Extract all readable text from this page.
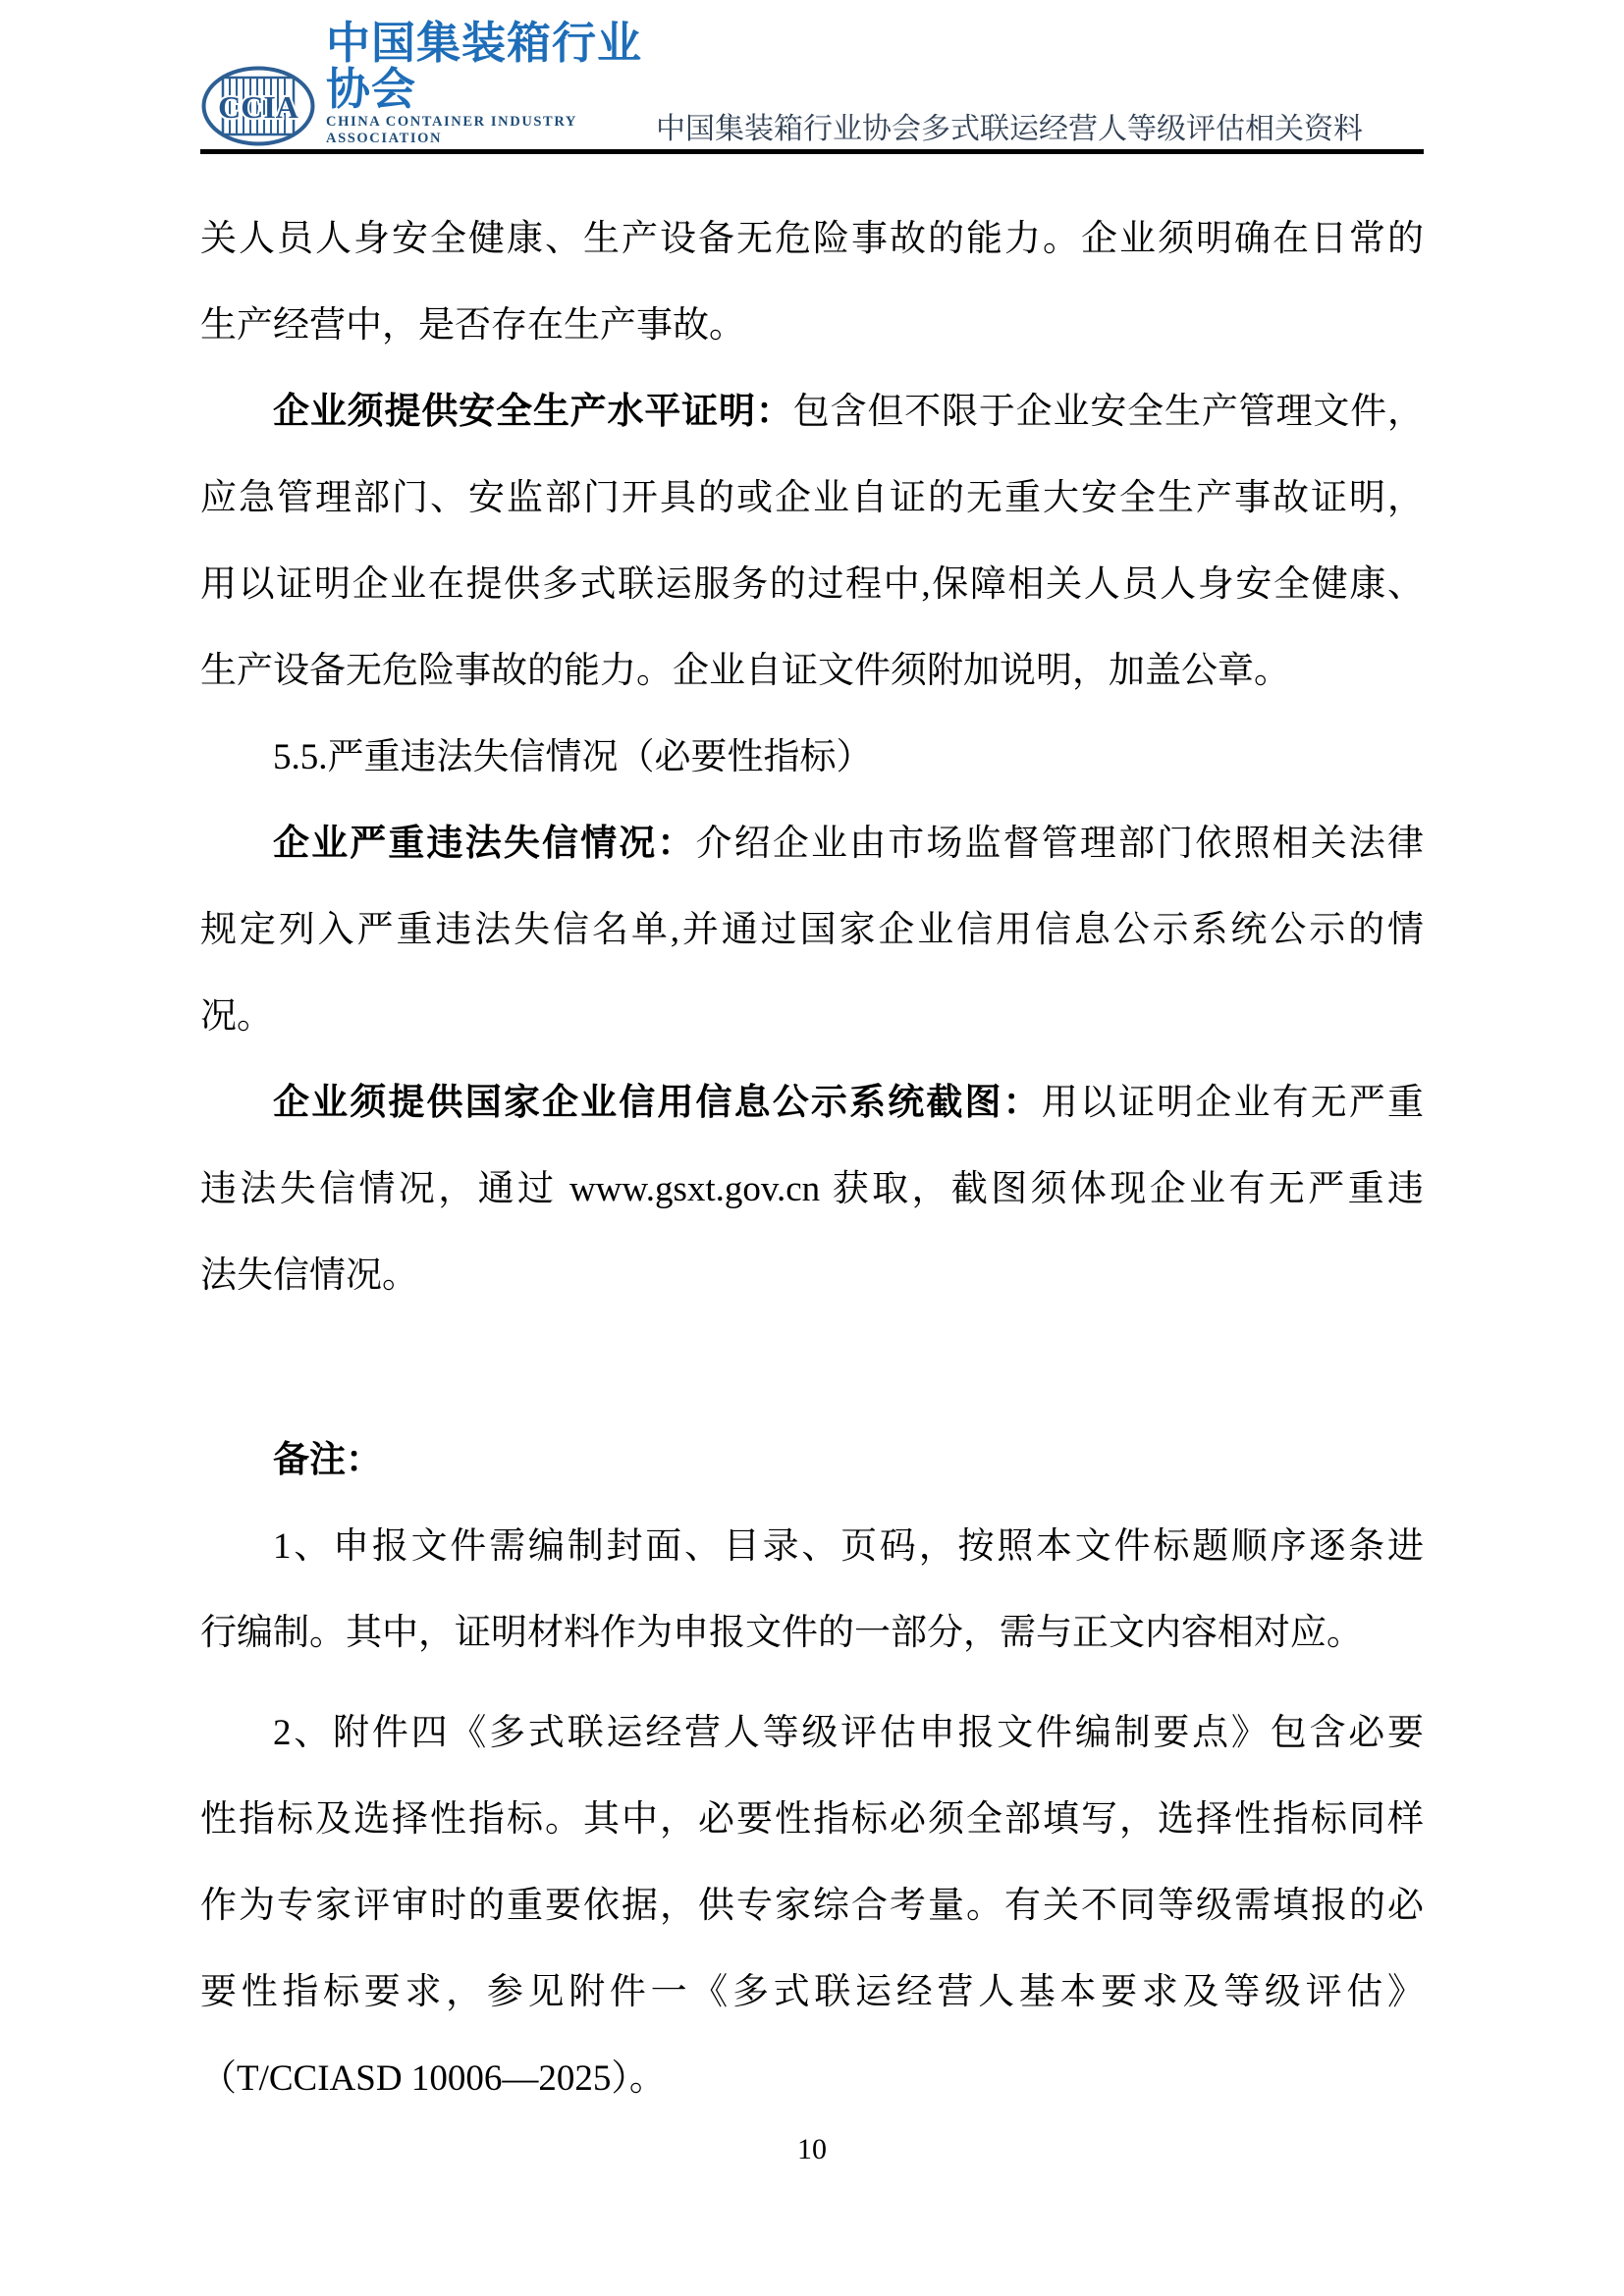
CCIA
中国集装箱行业协会
CHINA CONTAINER INDUSTRY ASSOCIATION	中国集装箱行业协会多式联运经营人等级评估相关资料
关人员人身安全健康、生产设备无危险事故的能力。企业须明确在日常的
生产经营中，是否存在生产事故。
企业须提供安全生产水平证明：包含但不限于企业安全生产管理文件，
应急管理部门、安监部门开具的或企业自证的无重大安全生产事故证明，
用以证明企业在提供多式联运服务的过程中,保障相关人员人身安全健康、
生产设备无危险事故的能力。企业自证文件须附加说明，加盖公章。
5.5.严重违法失信情况（必要性指标）
企业严重违法失信情况：介绍企业由市场监督管理部门依照相关法律
规定列入严重违法失信名单,并通过国家企业信用信息公示系统公示的情
况。
企业须提供国家企业信用信息公示系统截图：用以证明企业有无严重
违法失信情况，通过 www.gsxt.gov.cn 获取，截图须体现企业有无严重违
法失信情况。
备注：
1、申报文件需编制封面、目录、页码，按照本文件标题顺序逐条进
行编制。其中，证明材料作为申报文件的一部分，需与正文内容相对应。
2、附件四《多式联运经营人等级评估申报文件编制要点》包含必要
性指标及选择性指标。其中，必要性指标必须全部填写，选择性指标同样
作为专家评审时的重要依据，供专家综合考量。有关不同等级需填报的必
要性指标要求，参见附件一《多式联运经营人基本要求及等级评估》
（T/CCIASD 10006—2025）。
10
